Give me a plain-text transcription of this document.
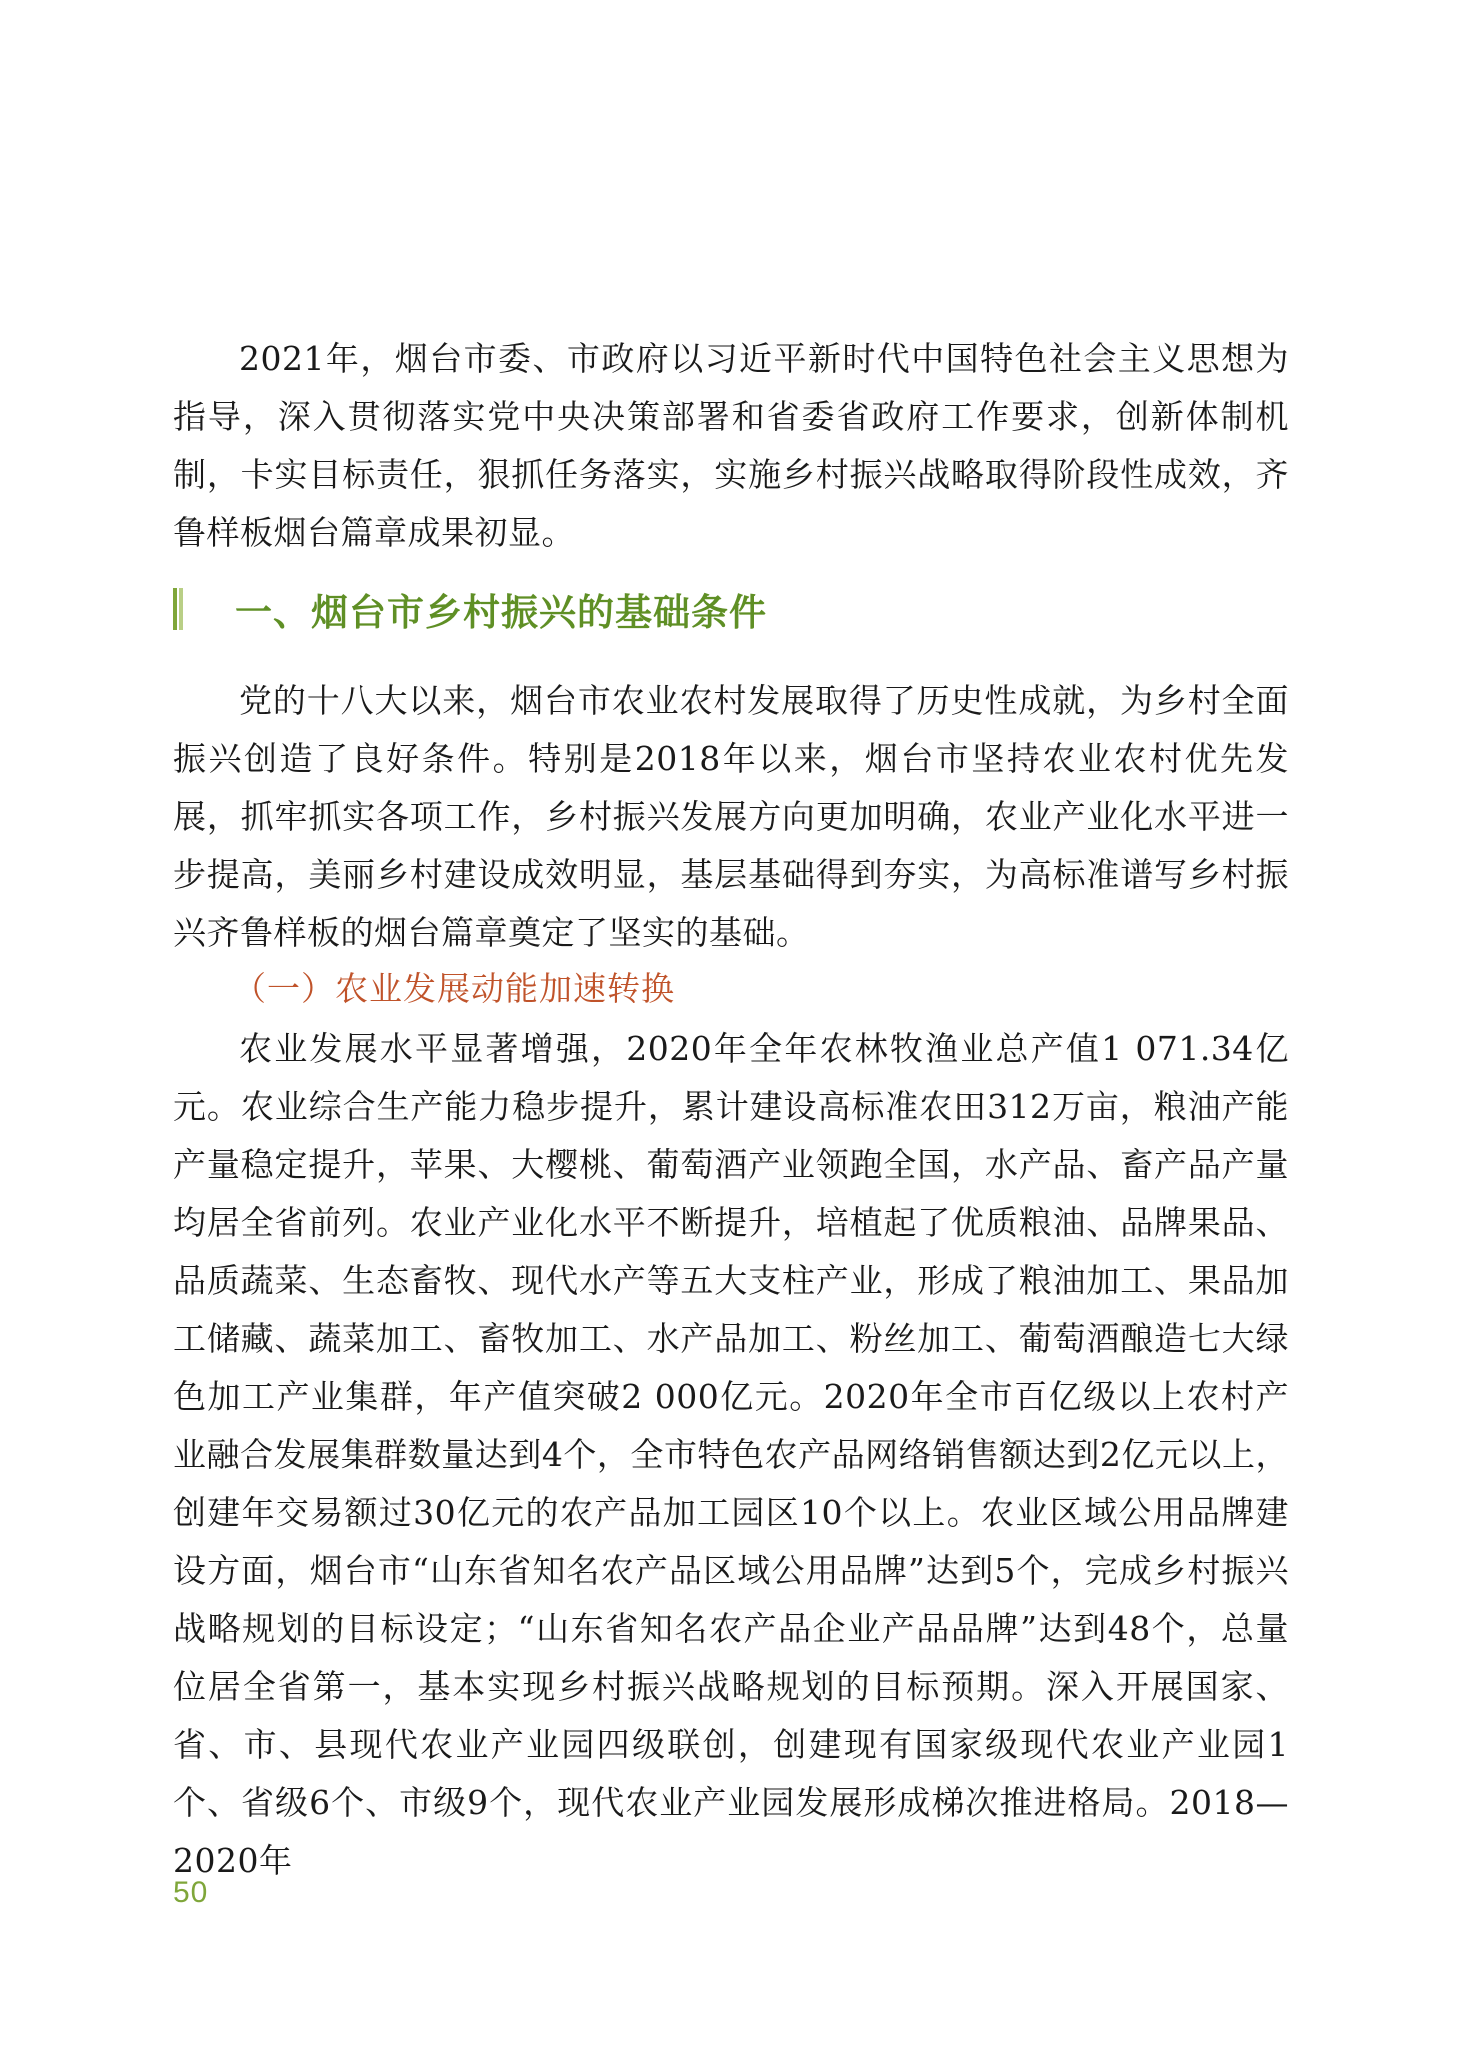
2021年，烟台市委、市政府以习近平新时代中国特色社会主义思想为指导，深入贯彻落实党中央决策部署和省委省政府工作要求，创新体制机制，卡实目标责任，狠抓任务落实，实施乡村振兴战略取得阶段性成效，齐鲁样板烟台篇章成果初显。

一、烟台市乡村振兴的基础条件

党的十八大以来，烟台市农业农村发展取得了历史性成就，为乡村全面振兴创造了良好条件。特别是2018年以来，烟台市坚持农业农村优先发展，抓牢抓实各项工作，乡村振兴发展方向更加明确，农业产业化水平进一步提高，美丽乡村建设成效明显，基层基础得到夯实，为高标准谱写乡村振兴齐鲁样板的烟台篇章奠定了坚实的基础。

（一）农业发展动能加速转换

农业发展水平显著增强，2020年全年农林牧渔业总产值1 071.34亿元。农业综合生产能力稳步提升，累计建设高标准农田312万亩，粮油产能产量稳定提升，苹果、大樱桃、葡萄酒产业领跑全国，水产品、畜产品产量均居全省前列。农业产业化水平不断提升，培植起了优质粮油、品牌果品、品质蔬菜、生态畜牧、现代水产等五大支柱产业，形成了粮油加工、果品加工储藏、蔬菜加工、畜牧加工、水产品加工、粉丝加工、葡萄酒酿造七大绿色加工产业集群，年产值突破2 000亿元。2020年全市百亿级以上农村产业融合发展集群数量达到4个，全市特色农产品网络销售额达到2亿元以上，创建年交易额过30亿元的农产品加工园区10个以上。农业区域公用品牌建设方面，烟台市“山东省知名农产品区域公用品牌”达到5个，完成乡村振兴战略规划的目标设定；“山东省知名农产品企业产品品牌”达到48个，总量位居全省第一，基本实现乡村振兴战略规划的目标预期。深入开展国家、省、市、县现代农业产业园四级联创，创建现有国家级现代农业产业园1个、省级6个、市级9个，现代农业产业园发展形成梯次推进格局。2018—2020年

50
